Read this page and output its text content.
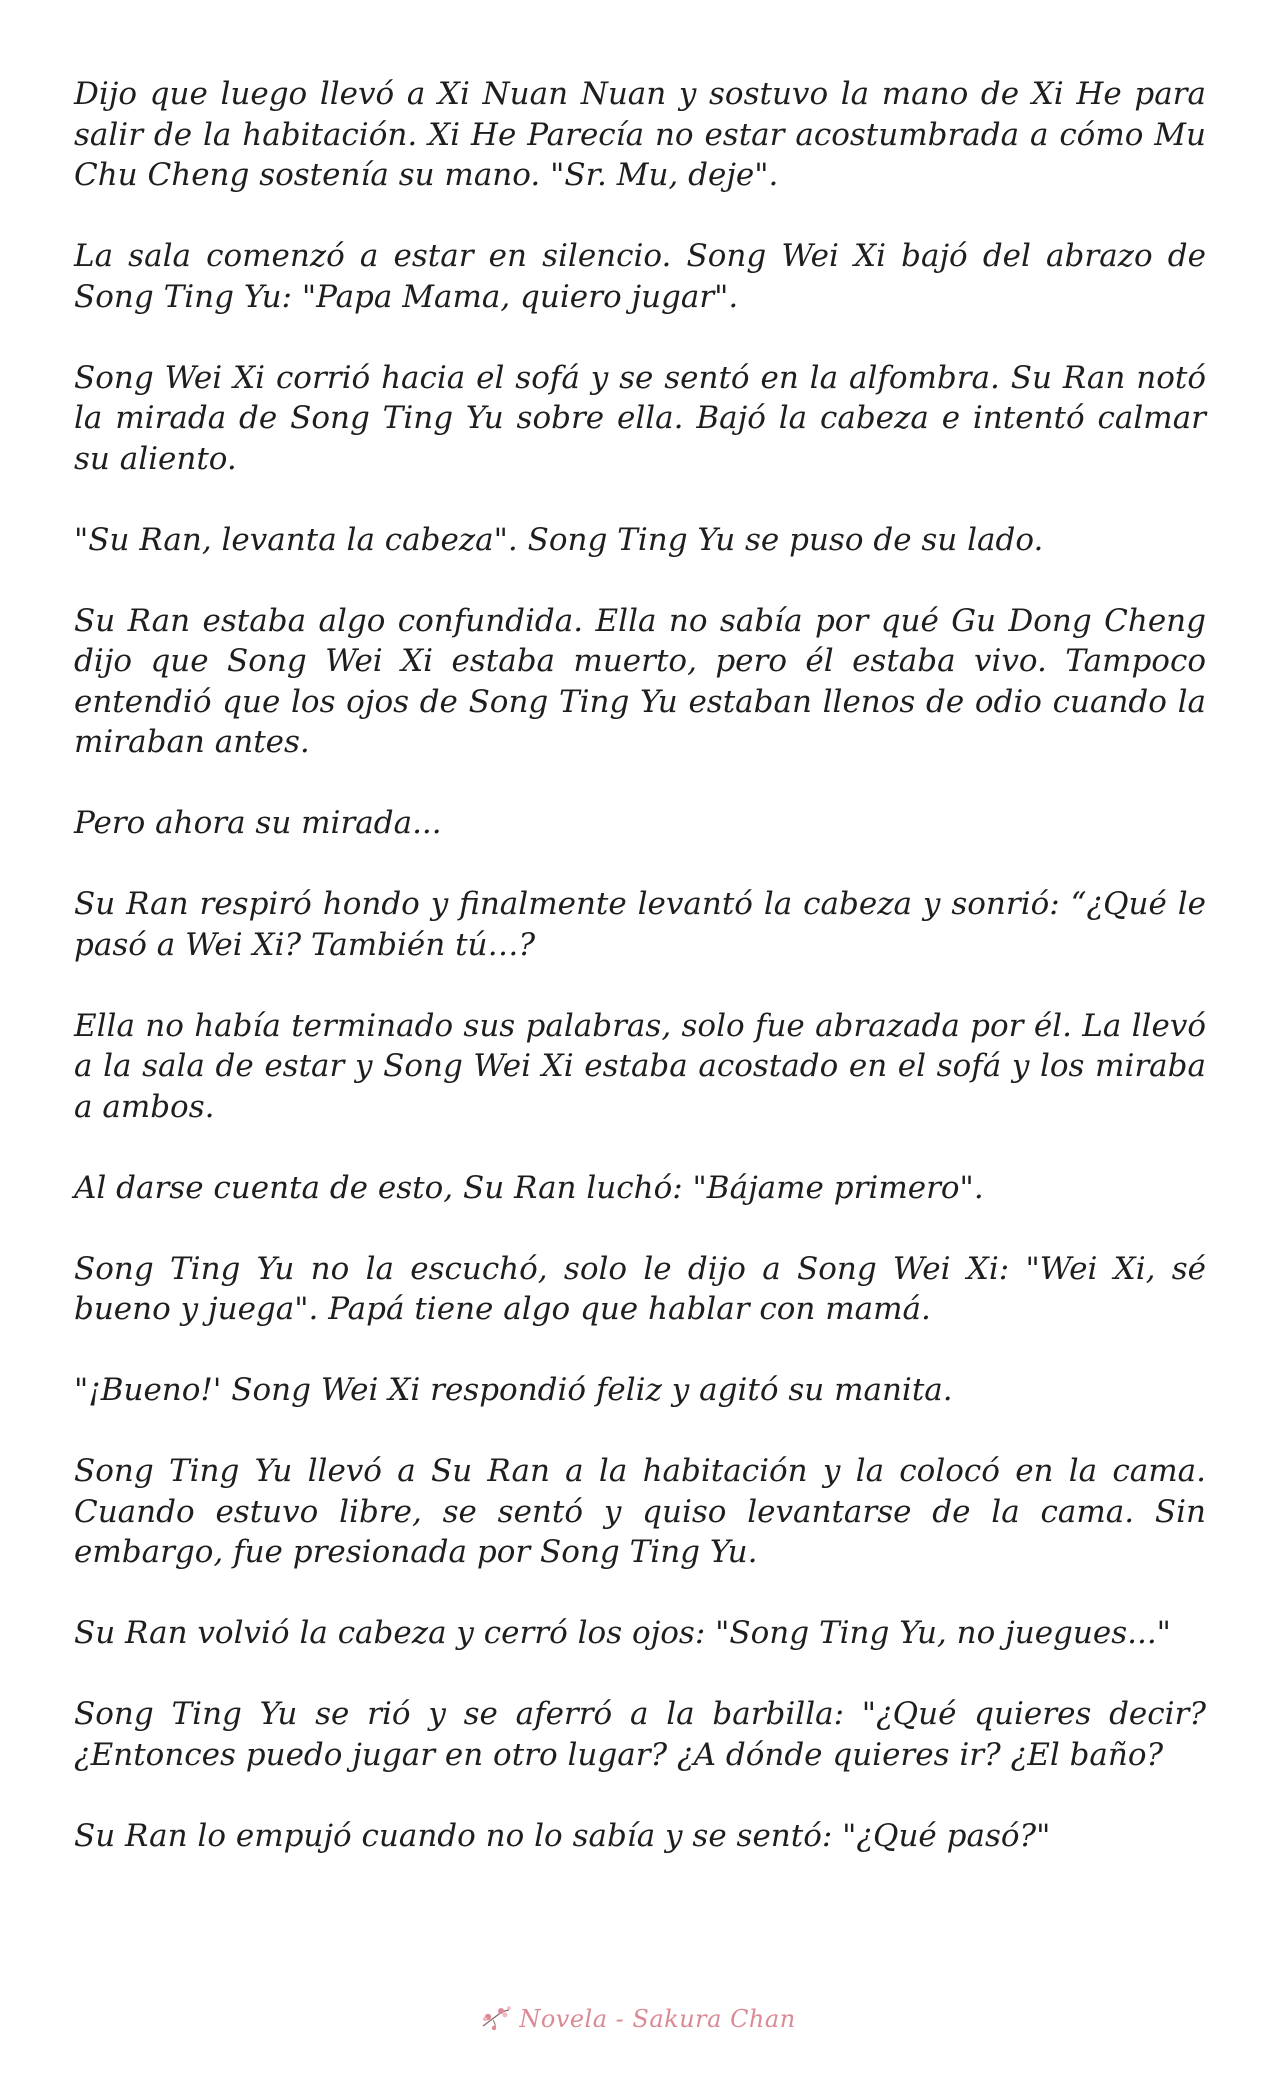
Dijo que luego llevó a Xi Nuan Nuan y sostuvo la mano de Xi He para salir de la habitación. Xi He Parecía no estar acostumbrada a cómo Mu Chu Cheng sostenía su mano. "Sr. Mu, deje".

La sala comenzó a estar en silencio. Song Wei Xi bajó del abrazo de Song Ting Yu: "Papa Mama, quiero jugar".

Song Wei Xi corrió hacia el sofá y se sentó en la alfombra. Su Ran notó la mirada de Song Ting Yu sobre ella. Bajó la cabeza e intentó calmar su aliento.

"Su Ran, levanta la cabeza". Song Ting Yu se puso de su lado.

Su Ran estaba algo confundida. Ella no sabía por qué Gu Dong Cheng dijo que Song Wei Xi estaba muerto, pero él estaba vivo. Tampoco entendió que los ojos de Song Ting Yu estaban llenos de odio cuando la miraban antes.

Pero ahora su mirada...

Su Ran respiró hondo y finalmente levantó la cabeza y sonrió: “¿Qué le pasó a Wei Xi? También tú…?

Ella no había terminado sus palabras, solo fue abrazada por él. La llevó a la sala de estar y Song Wei Xi estaba acostado en el sofá y los miraba a ambos.

Al darse cuenta de esto, Su Ran luchó: "Bájame primero".

Song Ting Yu no la escuchó, solo le dijo a Song Wei Xi: "Wei Xi, sé bueno y juega". Papá tiene algo que hablar con mamá.

"¡Bueno!' Song Wei Xi respondió feliz y agitó su manita.

Song Ting Yu llevó a Su Ran a la habitación y la colocó en la cama. Cuando estuvo libre, se sentó y quiso levantarse de la cama. Sin embargo, fue presionada por Song Ting Yu.

Su Ran volvió la cabeza y cerró los ojos: "Song Ting Yu, no juegues..."

Song Ting Yu se rió y se aferró a la barbilla: "¿Qué quieres decir? ¿Entonces puedo jugar en otro lugar? ¿A dónde quieres ir? ¿El baño?

Su Ran lo empujó cuando no lo sabía y se sentó: "¿Qué pasó?"

Novela - Sakura Chan
